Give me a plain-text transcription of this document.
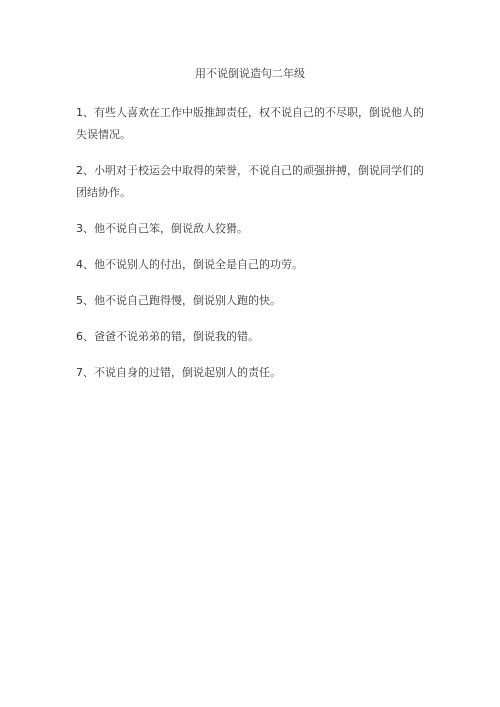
用不说倒说造句二年级
1、有些人喜欢在工作中版推卸责任，权不说自己的不尽职，倒说他人的失误情况。
2、小明对于校运会中取得的荣誉，不说自己的顽强拼搏，倒说同学们的团结协作。
3、他不说自己笨，倒说敌人狡猾。
4、他不说别人的付出，倒说全是自己的功劳。
5、他不说自己跑得慢，倒说别人跑的快。
6、爸爸不说弟弟的错，倒说我的错。
7、不说自身的过错，倒说起别人的责任。
